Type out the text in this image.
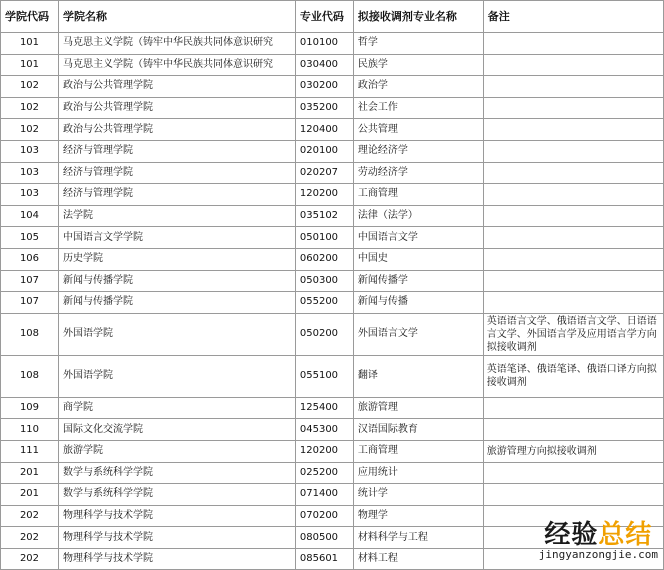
学院代码	学院名称	专业代码	拟接收调剂专业名称	备注
101	马克思主义学院（铸牢中华民族共同体意识研究	010100	哲学	
101	马克思主义学院（铸牢中华民族共同体意识研究	030400	民族学	
102	政治与公共管理学院	030200	政治学	
102	政治与公共管理学院	035200	社会工作	
102	政治与公共管理学院	120400	公共管理	
103	经济与管理学院	020100	理论经济学	
103	经济与管理学院	020207	劳动经济学	
103	经济与管理学院	120200	工商管理	
104	法学院	035102	法律（法学）	
105	中国语言文学学院	050100	中国语言文学	
106	历史学院	060200	中国史	
107	新闻与传播学院	050300	新闻传播学	
107	新闻与传播学院	055200	新闻与传播	
108	外国语学院	050200	外国语言文学	英语语言文学、俄语语言文学、日语语言文学、外国语言学及应用语言学方向拟接收调剂
108	外国语学院	055100	翻译	英语笔译、俄语笔译、俄语口译方向拟接收调剂
109	商学院	125400	旅游管理	
110	国际文化交流学院	045300	汉语国际教育	
111	旅游学院	120200	工商管理	旅游管理方向拟接收调剂
201	数学与系统科学学院	025200	应用统计	
201	数学与系统科学学院	071400	统计学	
202	物理科学与技术学院	070200	物理学	
202	物理科学与技术学院	080500	材料科学与工程	
202	物理科学与技术学院	085601	材料工程	
经验总结
jingyanzongjie.com
